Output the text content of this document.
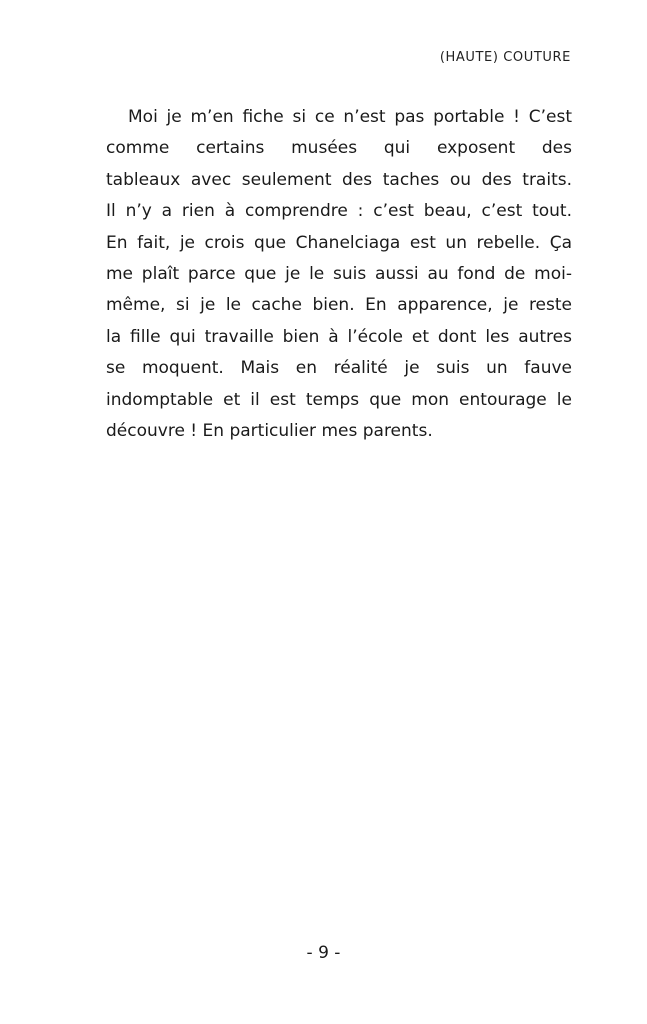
(HAUTE) COUTURE
Moi je m’en fiche si ce n’est pas portable ! C’est
comme certains musées qui exposent des
tableaux avec seulement des taches ou des traits.
Il n’y a rien à comprendre : c’est beau, c’est tout.
En fait, je crois que Chanelciaga est un rebelle. Ça
me plaît parce que je le suis aussi au fond de moi-
même, si je le cache bien. En apparence, je reste
la fille qui travaille bien à l’école et dont les autres
se moquent. Mais en réalité je suis un fauve
indomptable et il est temps que mon entourage le
découvre ! En particulier mes parents.
- 9 -
